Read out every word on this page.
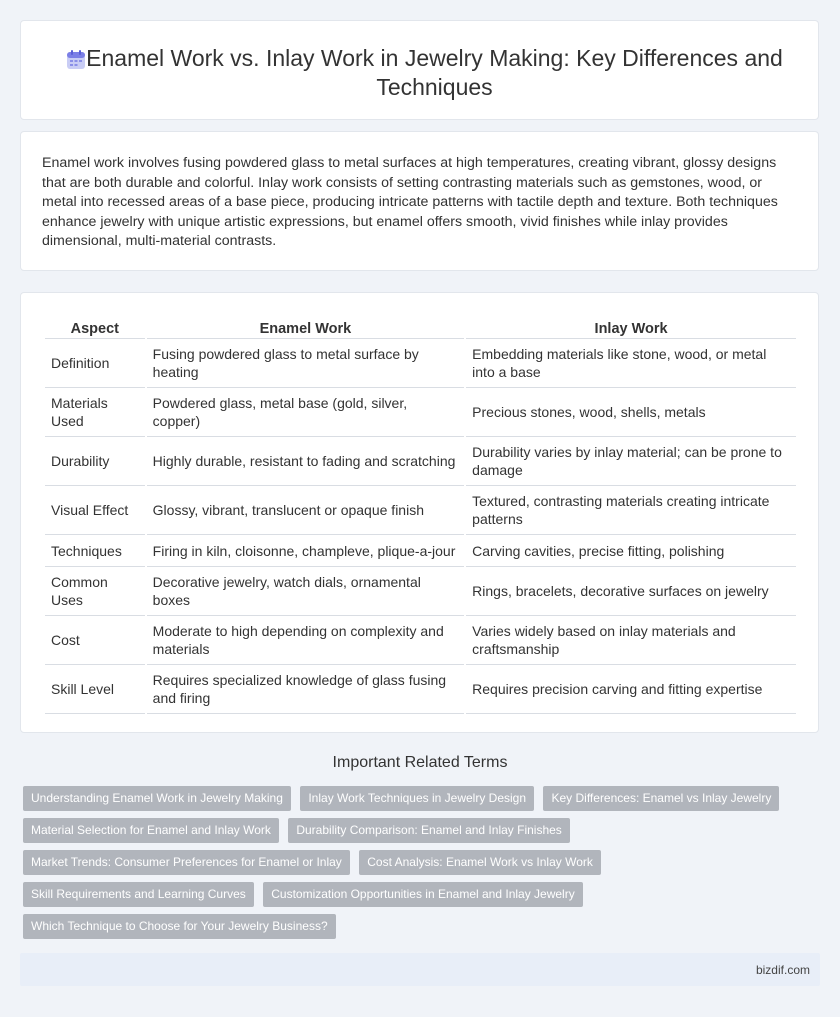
Enamel Work vs. Inlay Work in Jewelry Making: Key Differences and Techniques

Enamel work involves fusing powdered glass to metal surfaces at high temperatures, creating vibrant, glossy designs that are both durable and colorful. Inlay work consists of setting contrasting materials such as gemstones, wood, or metal into recessed areas of a base piece, producing intricate patterns with tactile depth and texture. Both techniques enhance jewelry with unique artistic expressions, but enamel offers smooth, vivid finishes while inlay provides dimensional, multi-material contrasts.

Aspect	Enamel Work	Inlay Work
Definition	Fusing powdered glass to metal surface by heating	Embedding materials like stone, wood, or metal into a base
Materials Used	Powdered glass, metal base (gold, silver, copper)	Precious stones, wood, shells, metals
Durability	Highly durable, resistant to fading and scratching	Durability varies by inlay material; can be prone to damage
Visual Effect	Glossy, vibrant, translucent or opaque finish	Textured, contrasting materials creating intricate patterns
Techniques	Firing in kiln, cloisonne, champleve, plique-a-jour	Carving cavities, precise fitting, polishing
Common Uses	Decorative jewelry, watch dials, ornamental boxes	Rings, bracelets, decorative surfaces on jewelry
Cost	Moderate to high depending on complexity and materials	Varies widely based on inlay materials and craftsmanship
Skill Level	Requires specialized knowledge of glass fusing and firing	Requires precision carving and fitting expertise
Important Related Terms
Understanding Enamel Work in Jewelry Making Inlay Work Techniques in Jewelry Design Key Differences: Enamel vs Inlay Jewelry Material Selection for Enamel and Inlay Work Durability Comparison: Enamel and Inlay Finishes Market Trends: Consumer Preferences for Enamel or Inlay Cost Analysis: Enamel Work vs Inlay Work Skill Requirements and Learning Curves Customization Opportunities in Enamel and Inlay Jewelry Which Technique to Choose for Your Jewelry Business?
bizdif.com
